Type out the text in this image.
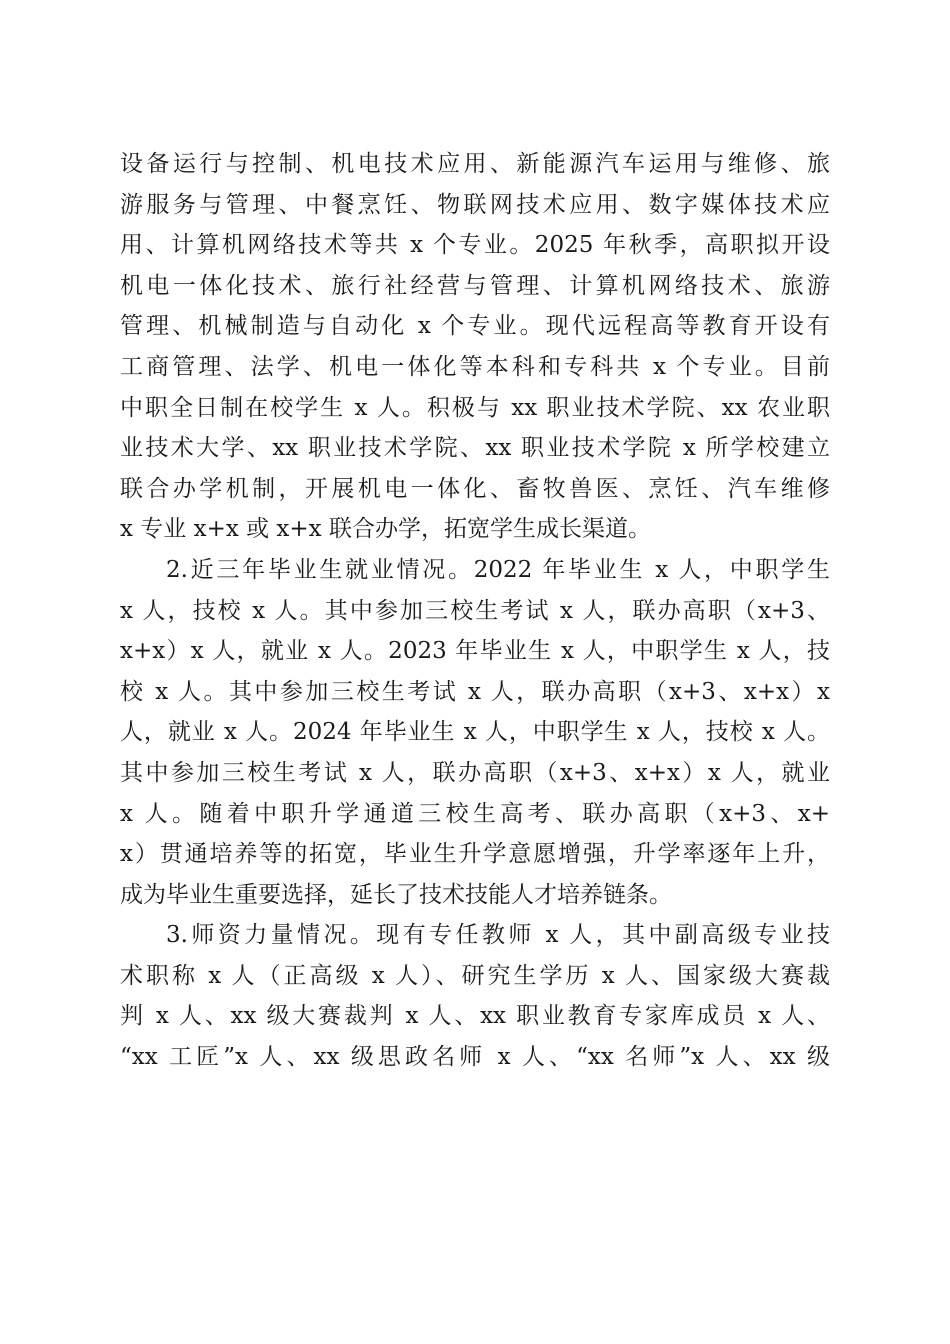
设备运行与控制、机电技术应用、新能源汽车运用与维修、旅
游服务与管理、中餐烹饪、物联网技术应用、数字媒体技术应
用、计算机网络技术等共 x 个专业。2025 年秋季，高职拟开设
机电一体化技术、旅行社经营与管理、计算机网络技术、旅游
管理、机械制造与自动化 x 个专业。现代远程高等教育开设有
工商管理、法学、机电一体化等本科和专科共 x 个专业。目前
中职全日制在校学生 x 人。积极与 xx 职业技术学院、xx 农业职
业技术大学、xx 职业技术学院、xx 职业技术学院 x 所学校建立
联合办学机制，开展机电一体化、畜牧兽医、烹饪、汽车维修
x 专业 x+x 或 x+x 联合办学，拓宽学生成长渠道。
2.近三年毕业生就业情况。2022 年毕业生 x 人，中职学生
x 人，技校 x 人。其中参加三校生考试 x 人，联办高职（x+3、
x+x）x 人，就业 x 人。2023 年毕业生 x 人，中职学生 x 人，技
校 x 人。其中参加三校生考试 x 人，联办高职（x+3、x+x）x
人，就业 x 人。2024 年毕业生 x 人，中职学生 x 人，技校 x 人。
其中参加三校生考试 x 人，联办高职（x+3、x+x）x 人，就业
x 人。随着中职升学通道三校生高考、联办高职（x+3、x+
x）贯通培养等的拓宽，毕业生升学意愿增强，升学率逐年上升，
成为毕业生重要选择，延长了技术技能人才培养链条。
3.师资力量情况。现有专任教师 x 人，其中副高级专业技
术职称 x 人（正高级 x 人）、研究生学历 x 人、国家级大赛裁
判 x 人、xx 级大赛裁判 x 人、xx 职业教育专家库成员 x 人、
“xx 工匠”x 人、xx 级思政名师 x 人、“xx 名师”x 人、xx 级
